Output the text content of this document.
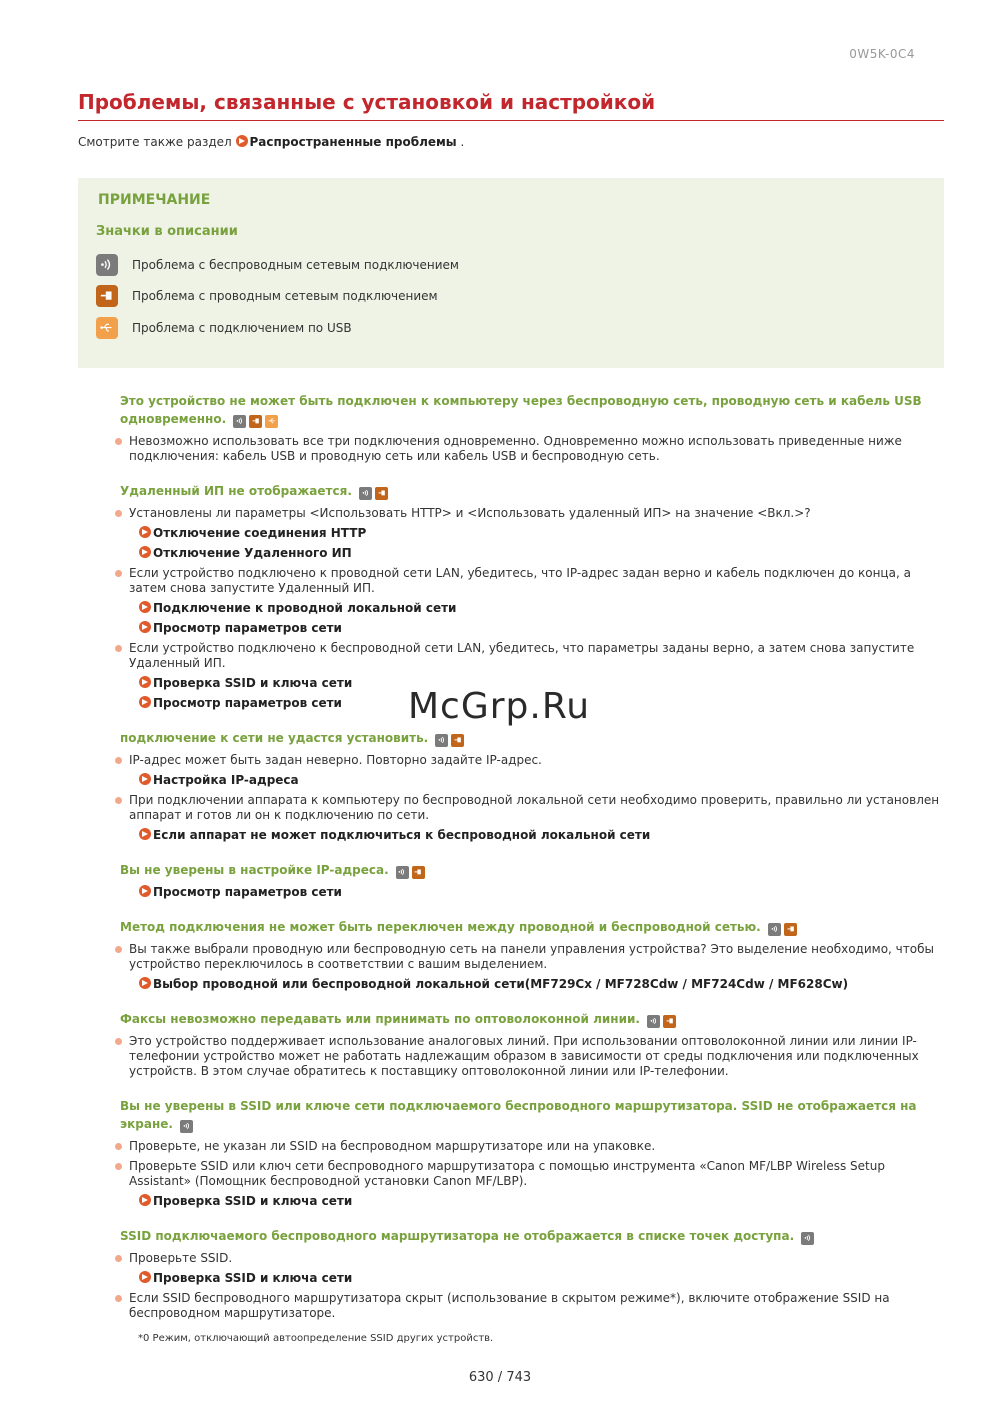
0W5K-0C4
Проблемы, связанные с установкой и настройкой
Смотрите также раздел Распространенные проблемы .
ПРИМЕЧАНИЕ
Значки в описании
Проблема с беспроводным сетевым подключением
Проблема с проводным сетевым подключением
Проблема с подключением по USB
Это устройство не может быть подключен к компьютеру через беспроводную сеть, проводную сеть и кабель USB одновременно.
Невозможно использовать все три подключения одновременно. Одновременно можно использовать приведенные ниже подключения: кабель USB и проводную сеть или кабель USB и беспроводную сеть.
Удаленный ИП не отображается.
Установлены ли параметры <Использовать HTTP> и <Использовать удаленный ИП> на значение <Вкл.>?
Отключение соединения HTTP
Отключение Удаленного ИП
Если устройство подключено к проводной сети LAN, убедитесь, что IP-адрес задан верно и кабель подключен до конца, а затем снова запустите Удаленный ИП.
Подключение к проводной локальной сети
Просмотр параметров сети
Если устройство подключено к беспроводной сети LAN, убедитесь, что параметры заданы верно, а затем снова запустите Удаленный ИП.
Проверка SSID и ключа сети
Просмотр параметров сети
подключение к сети не удастся установить.
IP-адрес может быть задан неверно. Повторно задайте IP-адрес.
Настройка IP-адреса
При подключении аппарата к компьютеру по беспроводной локальной сети необходимо проверить, правильно ли установлен аппарат и готов ли он к подключению по сети.
Если аппарат не может подключиться к беспроводной локальной сети
Вы не уверены в настройке IP-адреса.
Просмотр параметров сети
Метод подключения не может быть переключен между проводной и беспроводной сетью.
Вы также выбрали проводную или беспроводную сеть на панели управления устройства? Это выделение необходимо, чтобы устройство переключилось в соответствии с вашим выделением.
Выбор проводной или беспроводной локальной сети(MF729Cx / MF728Cdw / MF724Cdw / MF628Cw)
Факсы невозможно передавать или принимать по оптоволоконной линии.
Это устройство поддерживает использование аналоговых линий. При использовании оптоволоконной линии или линии IP-телефонии устройство может не работать надлежащим образом в зависимости от среды подключения или подключенных устройств. В этом случае обратитесь к поставщику оптоволоконной линии или IP-телефонии.
Вы не уверены в SSID или ключе сети подключаемого беспроводного маршрутизатора. SSID не отображается на экране.
Проверьте, не указан ли SSID на беспроводном маршрутизаторе или на упаковке.
Проверьте SSID или ключ сети беспроводного маршрутизатора с помощью инструмента «Canon MF/LBP Wireless Setup Assistant» (Помощник беспроводной установки Canon MF/LBP).
Проверка SSID и ключа сети
SSID подключаемого беспроводного маршрутизатора не отображается в списке точек доступа.
Проверьте SSID.
Проверка SSID и ключа сети
Если SSID беспроводного маршрутизатора скрыт (использование в скрытом режиме*), включите отображение SSID на беспроводном маршрутизаторе.
McGrp.Ru
*0 Режим, отключающий автоопределение SSID других устройств.
630 / 743
